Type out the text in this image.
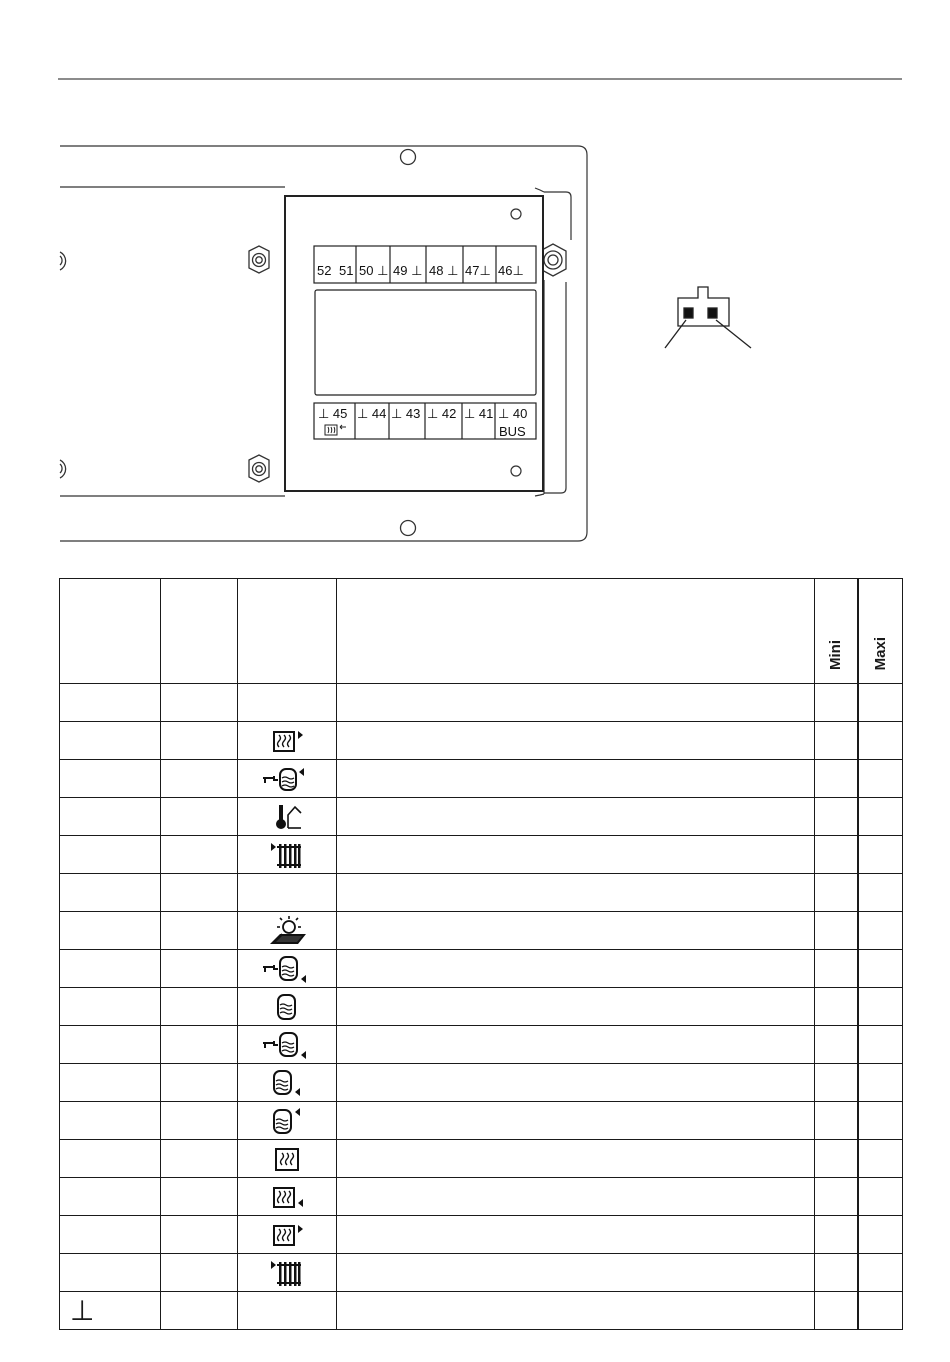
52 51 50 ⊥ 49 ⊥ 48 ⊥ 47⊥ 46⊥
⊥ 45 ⊥ 44 ⊥ 43 ⊥ 42 ⊥ 41 ⊥ 40
BUS
				Mini	Maxi

⊥					
